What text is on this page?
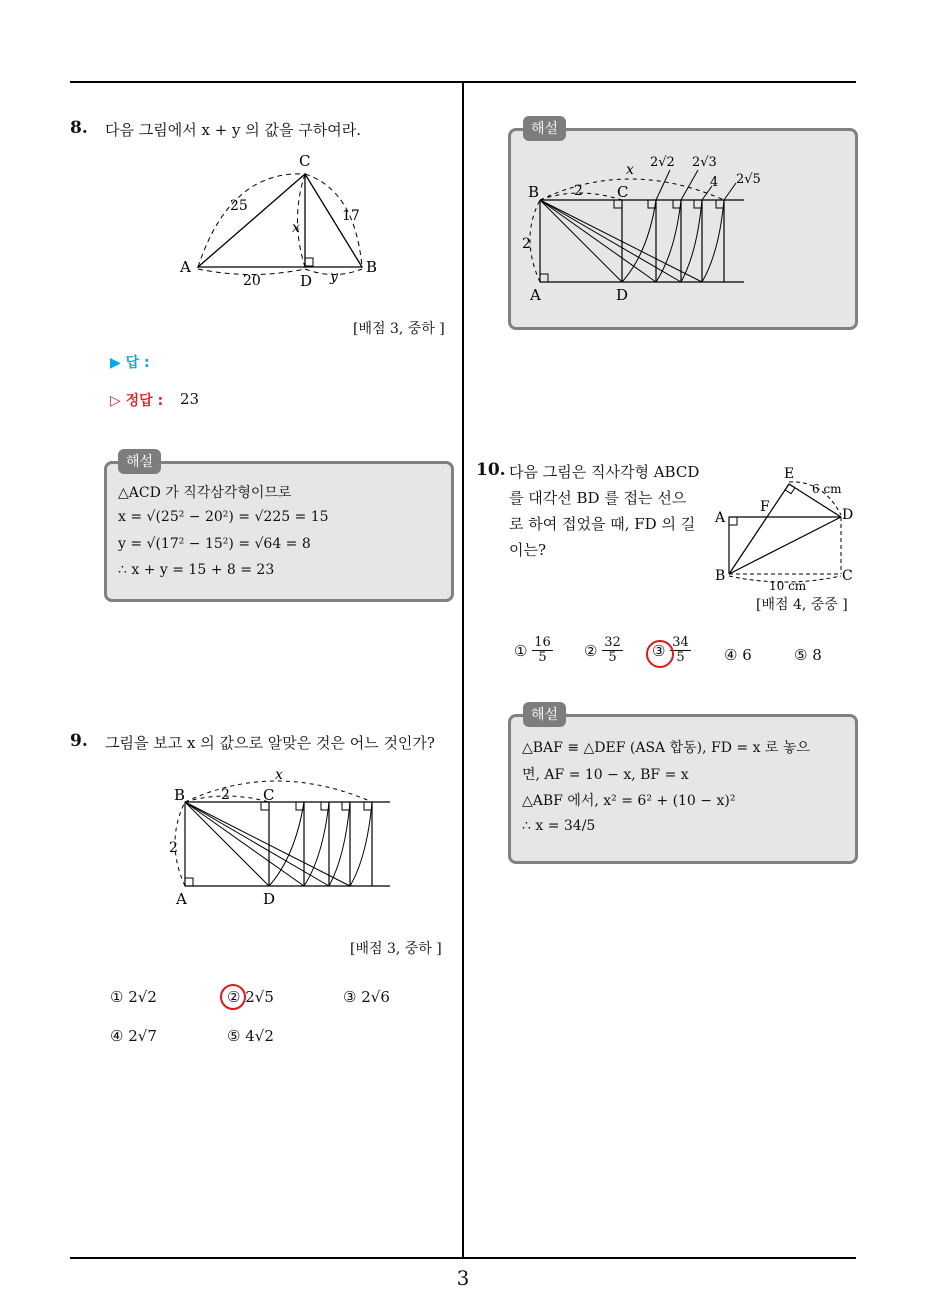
3
8. 다음 그림에서 x + y 의 값을 구하여라.
C
A	B
D
x
y
25
17
20
[배점 3, 중하 ]
▶ 답 :
▷ 정답 : 23
해설
△ACD 가 직각삼각형이므로
x = √(25² − 20²) = √225 = 15
y = √(17² − 15²) = √64 = 8
∴ x + y = 15 + 8 = 23
9. 그림을 보고 x 의 값으로 알맞은 것은 어느 것인가?
B	C
A	D
x
2
2
[배점 3, 중하 ]
① 2√2	② 2√5	③ 2√6
④ 2√7	⑤ 4√2
해설
B	C
A	D
x
2
2
2√2 2√3
4 2√5
10. 다음 그림은 직사각형 ABCD
를 대각선 BD 를 접는 선으
로 하여 접었을 때, FD 의 길
이는?
E
F
A
B	C
D
6 cm
10 cm
[배점 4, 중중 ]
① $\frac{16}{5}$ ② $\frac{32}{5}$ ③ $\frac{34}{5}$ ④ 6	⑤ 8
해설
△BAF ≡ △DEF (ASA 합동), FD = x 로 놓으
면, AF = 10 − x, BF = x
△ABF 에서, x² = 6² + (10 − x)²
∴ x = 34/5
